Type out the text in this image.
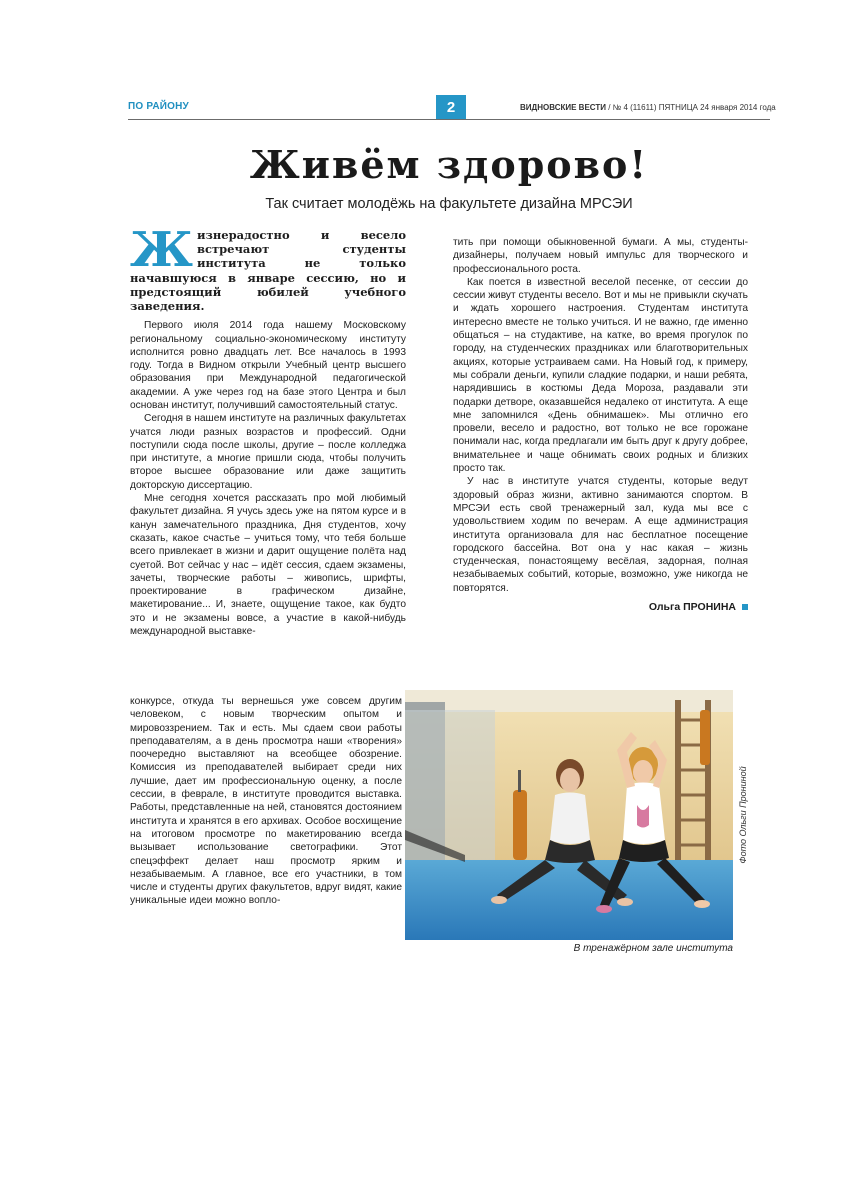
ПО РАЙОНУ	2	ВИДНОВСКИЕ ВЕСТИ / № 4 (11611) ПЯТНИЦА 24 января 2014 года
Живём здорово!
Так считает молодёжь на факультете дизайна МРСЭИ
Жизнерадостно и весело встречают студенты института не только начавшуюся в январе сессию, но и предстоящий юбилей учебного заведения.

Первого июля 2014 года нашему Московскому региональному социально-экономическому институту исполнится ровно двадцать лет. Все началось в 1993 году. Тогда в Видном открыли Учебный центр высшего образования при Международной педагогической академии. А уже через год на базе этого Центра и был основан институт, получивший самостоятельный статус.

Сегодня в нашем институте на различных факультетах учатся люди разных возрастов и профессий. Одни поступили сюда после школы, другие – после колледжа при институте, а многие пришли сюда, чтобы получить второе высшее образование или даже защитить докторскую диссертацию.

Мне сегодня хочется рассказать про мой любимый факультет дизайна. Я учусь здесь уже на пятом курсе и в канун замечательного праздника, Дня студентов, хочу сказать, какое счастье – учиться тому, что тебя больше всего привлекает в жизни и дарит ощущение полёта над суетой. Вот сейчас у нас – идёт сессия, сдаем экзамены, зачеты, творческие работы – живопись, шрифты, проектирование в графическом дизайне, макетирование... И, знаете, ощущение такое, как будто это и не экзамены вовсе, а участие в какой-нибудь международной выставке-

конкурсе, откуда ты вернешься уже совсем другим человеком, с новым творческим опытом и мировоззрением. Так и есть. Мы сдаем свои работы преподавателям, а в день просмотра наши «творения» поочередно выставляют на всеобщее обозрение. Комиссия из преподавателей выбирает среди них лучшие, дает им профессиональную оценку, а после сессии, в феврале, в институте проводится выставка. Работы, представленные на ней, становятся достоянием института и хранятся в его архивах. Особое восхищение на итоговом просмотре по макетированию всегда вызывает использование светографики. Этот спецэффект делает наш просмотр ярким и незабываемым. А главное, все его участники, в том числе и студенты других факультетов, вдруг видят, какие уникальные идеи можно вопло-

тить при помощи обыкновенной бумаги. А мы, студенты-дизайнеры, получаем новый импульс для творческого и профессионального роста.

Как поется в известной веселой песенке, от сессии до сессии живут студенты весело. Вот и мы не привыкли скучать и ждать хорошего настроения. Студентам института интересно вместе не только учиться. И не важно, где именно общаться – на студактиве, на катке, во время прогулок по городу, на студенческих праздниках или благотворительных акциях, которые устраиваем сами. На Новый год, к примеру, мы собрали деньги, купили сладкие подарки, и наши ребята, нарядившись в костюмы Деда Мороза, раздавали эти подарки детворе, оказавшейся недалеко от института. А еще мне запомнился «День обнимашек». Мы отлично его провели, весело и радостно, вот только не все горожане понимали нас, когда предлагали им быть друг к другу добрее, внимательнее и чаще обнимать своих родных и близких просто так.

У нас в институте учатся студенты, которые ведут здоровый образ жизни, активно занимаются спортом. В МРСЭИ есть свой тренажерный зал, куда мы все с удовольствием ходим по вечерам. А еще администрация института организовала для нас бесплатное посещение городского бассейна. Вот она у нас какая – жизнь студенческая, понастоящему весёлая, задорная, полная незабываемых событий, которые, возможно, уже никогда не повторятся.

Ольга ПРОНИНА
Фото Ольги Прониной
В тренажёрном зале института
